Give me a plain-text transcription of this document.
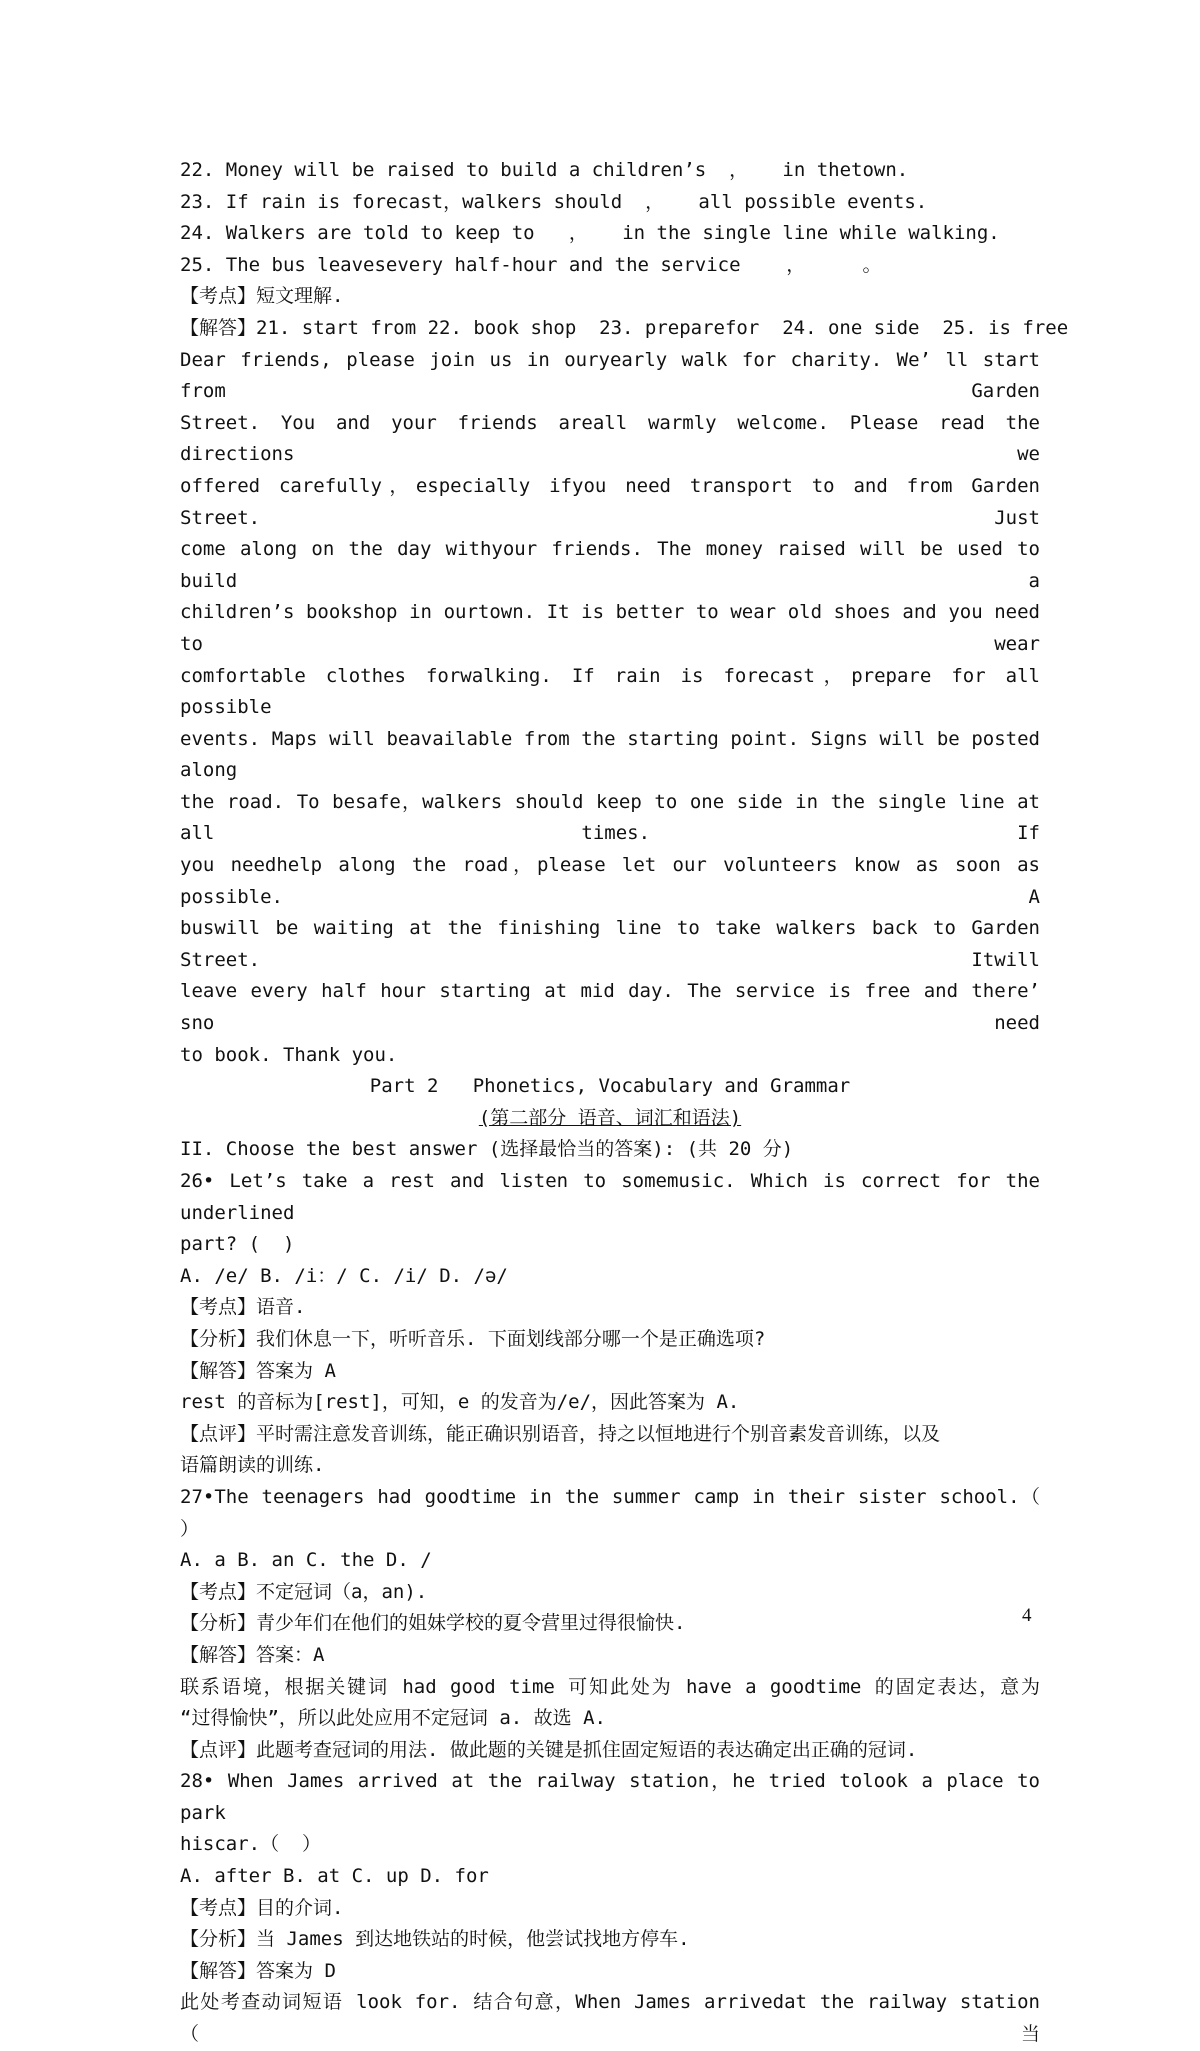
22. Money will be raised to build a children’s  ，   in thetown.
23. If rain is forecast，walkers should  ，   all possible events.
24. Walkers are told to keep to   ，   in the single line while walking.
25. The bus leavesevery half-hour and the service    ，     。
【考点】短文理解.
【解答】21. start from 22. book shop  23. preparefor  24. one side  25. is free
Dear friends, please join us in ouryearly walk for charity. We’ ll start from Garden
Street. You and your friends areall warmly welcome. Please read the directions we
offered carefully，especially ifyou need transport to and from Garden Street. Just
come along on the day withyour friends. The money raised will be used to build a
children’s bookshop in ourtown. It is better to wear old shoes and you need to wear
comfortable clothes forwalking. If rain is forecast，prepare for all possible
events. Maps will beavailable from the starting point. Signs will be posted along
the road. To besafe，walkers should keep to one side in the single line at all times. If
you needhelp along the road，please let our volunteers know as soon as possible. A
buswill be waiting at the finishing line to take walkers back to Garden Street. Itwill
leave every half hour starting at mid day. The service is free and there’ sno need
to book. Thank you.
Part 2   Phonetics, Vocabulary and Grammar
(第二部分 语音、词汇和语法)
II. Choose the best answer (选择最恰当的答案): (共 20 分)
26• Let’s take a rest and listen to somemusic. Which is correct for the underlined
part? (  )
A. /e/ B. /i：/ C. /i/ D. /ə/
【考点】语音.
【分析】我们休息一下，听听音乐. 下面划线部分哪一个是正确选项?
【解答】答案为 A
rest 的音标为[rest]，可知，e 的发音为/e/，因此答案为 A.
【点评】平时需注意发音训练，能正确识别语音，持之以恒地进行个别音素发音训练，以及
语篇朗读的训练.
27•The teenagers had goodtime in the summer camp in their sister school.（ ）
A. a B. an C. the D. /
【考点】不定冠词（a，an).
【分析】青少年们在他们的姐妹学校的夏令营里过得很愉快.
【解答】答案：A
联系语境，根据关键词 had good time 可知此处为 have a goodtime 的固定表达，意为
“过得愉快”，所以此处应用不定冠词 a. 故选 A.
【点评】此题考查冠词的用法. 做此题的关键是抓住固定短语的表达确定出正确的冠词.
28• When James arrived at the railway station，he tried tolook a place to park
hiscar.（  ）
A. after B. at C. up D. for
【考点】目的介词.
【分析】当 James 到达地铁站的时候，他尝试找地方停车.
【解答】答案为 D
此处考查动词短语 look for. 结合句意，When James arrivedat the railway station（当
4
